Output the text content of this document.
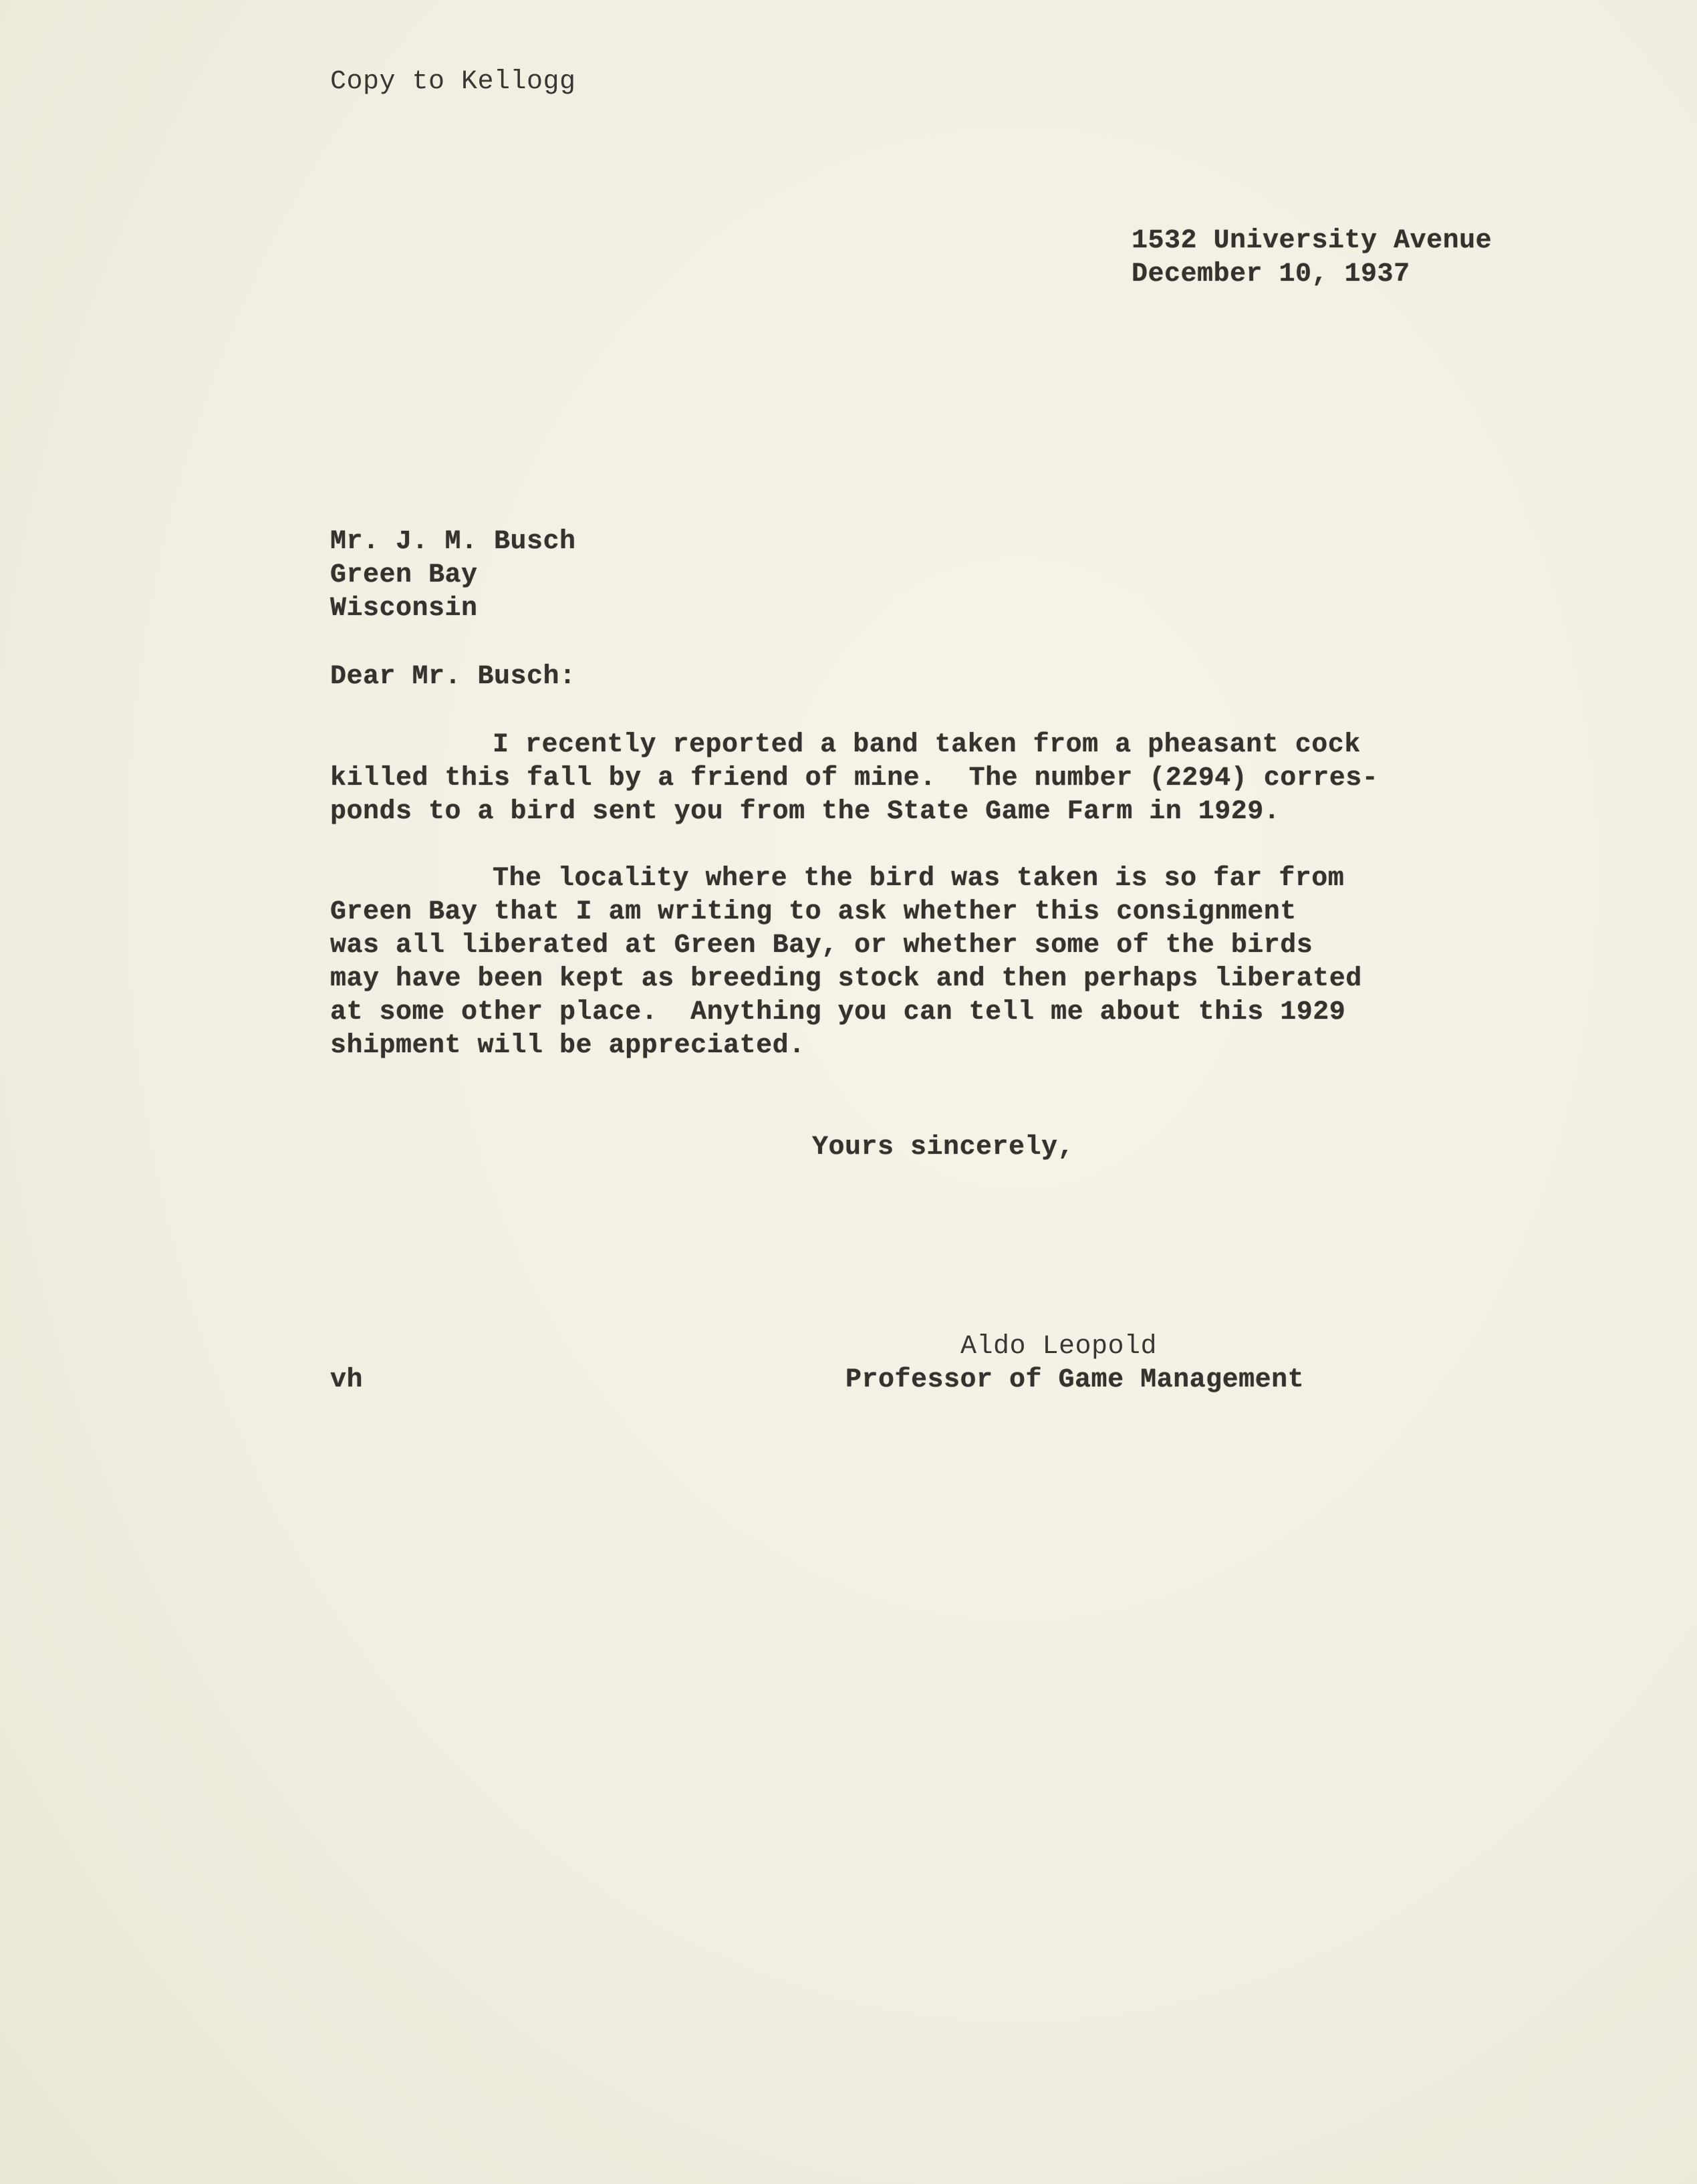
Copy to Kellogg
1532 University Avenue
December 10, 1937
Mr. J. M. Busch
Green Bay
Wisconsin
Dear Mr. Busch:
I recently reported a band taken from a pheasant cock
killed this fall by a friend of mine.  The number (2294) corres-
ponds to a bird sent you from the State Game Farm in 1929.
The locality where the bird was taken is so far from
Green Bay that I am writing to ask whether this consignment
was all liberated at Green Bay, or whether some of the birds
may have been kept as breeding stock and then perhaps liberated
at some other place.  Anything you can tell me about this 1929
shipment will be appreciated.
Yours sincerely,
Aldo Leopold
Professor of Game Management
vh
